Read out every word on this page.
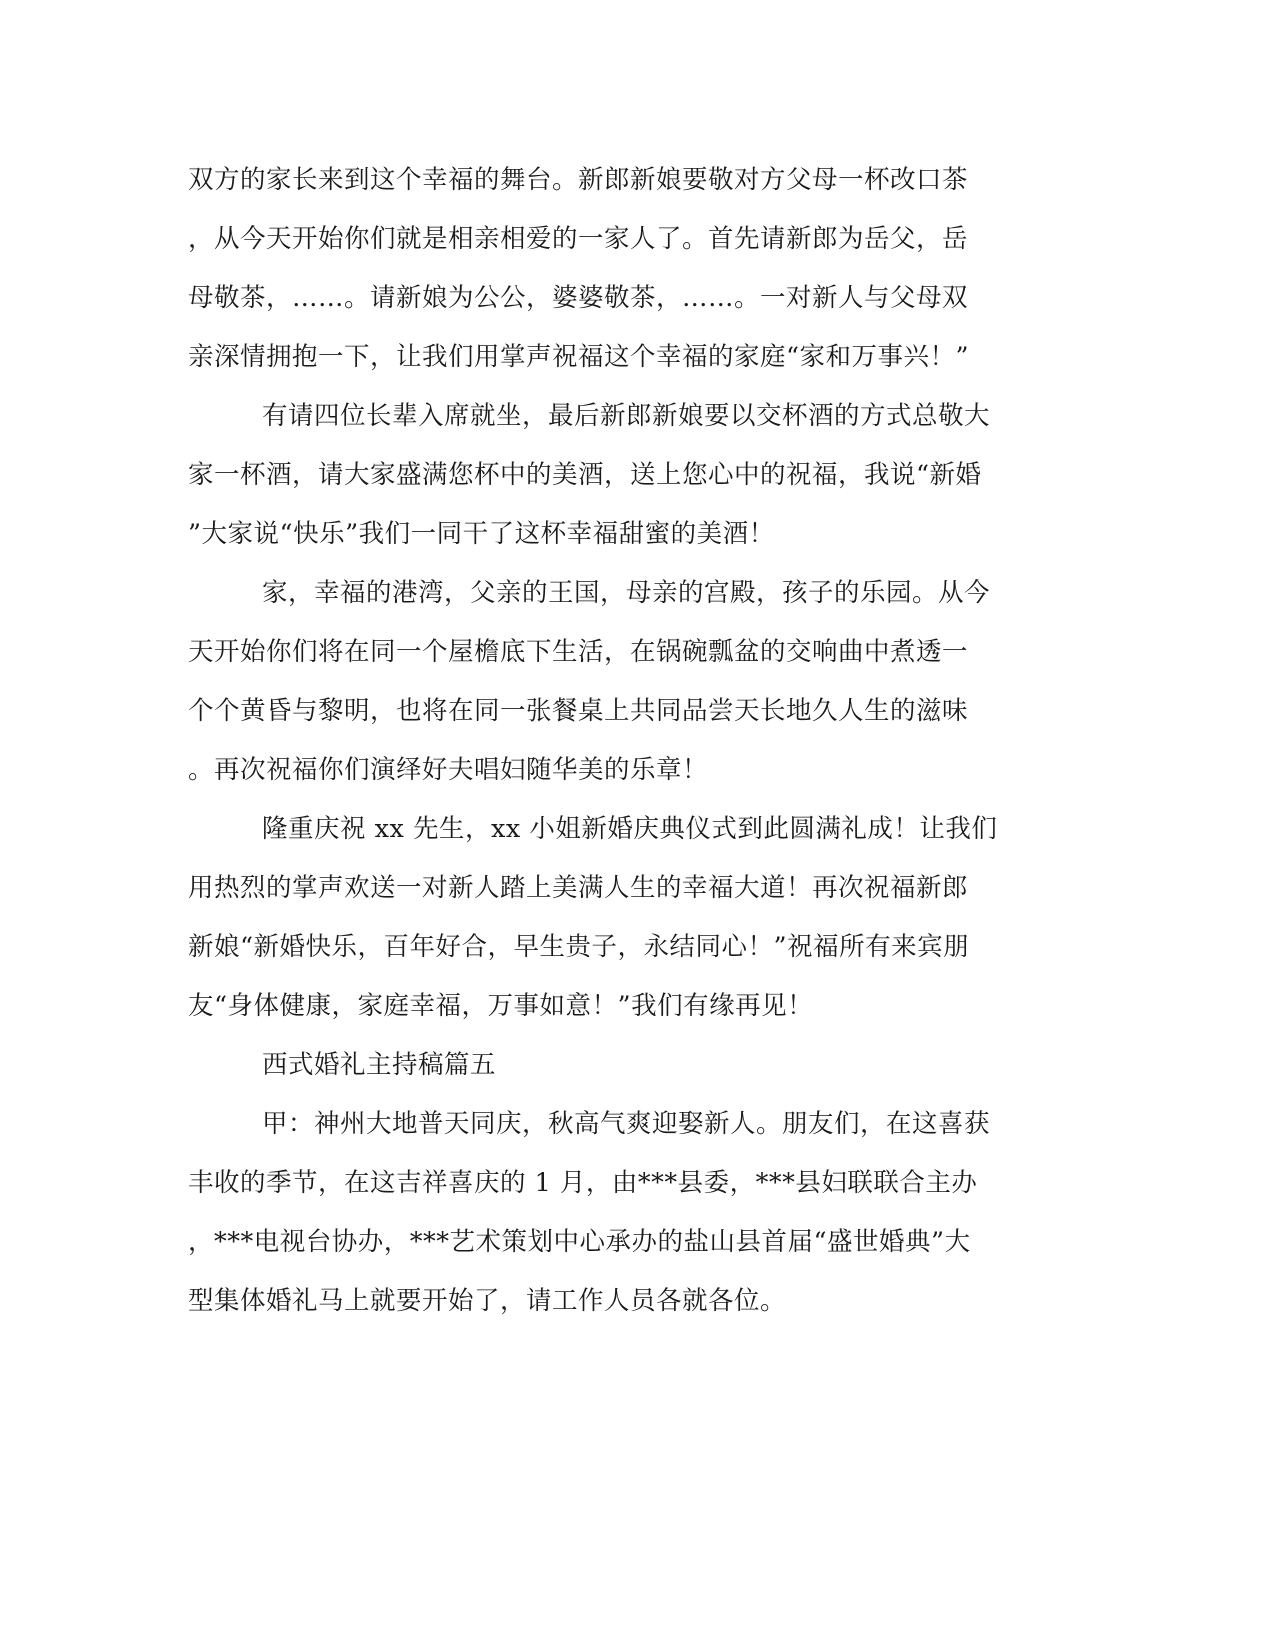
双方的家长来到这个幸福的舞台。新郎新娘要敬对方父母一杯改口茶
，从今天开始你们就是相亲相爱的一家人了。首先请新郎为岳父，岳
母敬茶，……。请新娘为公公，婆婆敬茶，……。一对新人与父母双
亲深情拥抱一下，让我们用掌声祝福这个幸福的家庭“家和万事兴！”
有请四位长辈入席就坐，最后新郎新娘要以交杯酒的方式总敬大
家一杯酒，请大家盛满您杯中的美酒，送上您心中的祝福，我说“新婚
”大家说“快乐”我们一同干了这杯幸福甜蜜的美酒！
家，幸福的港湾，父亲的王国，母亲的宫殿，孩子的乐园。从今
天开始你们将在同一个屋檐底下生活，在锅碗瓢盆的交响曲中煮透一
个个黄昏与黎明，也将在同一张餐桌上共同品尝天长地久人生的滋味
。再次祝福你们演绎好夫唱妇随华美的乐章！
隆重庆祝 xx 先生，xx 小姐新婚庆典仪式到此圆满礼成！让我们
用热烈的掌声欢送一对新人踏上美满人生的幸福大道！再次祝福新郎
新娘“新婚快乐，百年好合，早生贵子，永结同心！”祝福所有来宾朋
友“身体健康，家庭幸福，万事如意！”我们有缘再见！
西式婚礼主持稿篇五
甲：神州大地普天同庆，秋高气爽迎娶新人。朋友们，在这喜获
丰收的季节，在这吉祥喜庆的 1 月，由***县委，***县妇联联合主办
，***电视台协办，***艺术策划中心承办的盐山县首届“盛世婚典”大
型集体婚礼马上就要开始了，请工作人员各就各位。
